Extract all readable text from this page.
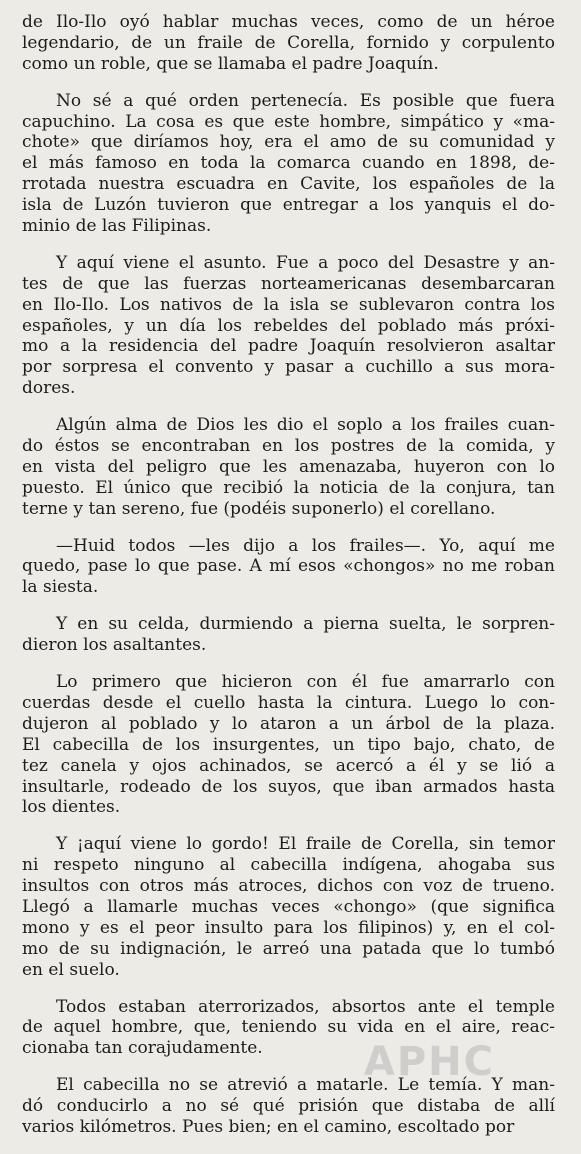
de Ilo-Ilo oyó hablar muchas veces, como de un héroe
legendario, de un fraile de Corella, fornido y corpulento
como un roble, que se llamaba el padre Joaquín.
No sé a qué orden pertenecía. Es posible que fuera
capuchino. La cosa es que este hombre, simpático y «ma-
chote» que diríamos hoy, era el amo de su comunidad y
el más famoso en toda la comarca cuando en 1898, de-
rrotada nuestra escuadra en Cavite, los españoles de la
isla de Luzón tuvieron que entregar a los yanquis el do-
minio de las Filipinas.
Y aquí viene el asunto. Fue a poco del Desastre y an-
tes de que las fuerzas norteamericanas desembarcaran
en Ilo-Ilo. Los nativos de la isla se sublevaron contra los
españoles, y un día los rebeldes del poblado más próxi-
mo a la residencia del padre Joaquín resolvieron asaltar
por sorpresa el convento y pasar a cuchillo a sus mora-
dores.
Algún alma de Dios les dio el soplo a los frailes cuan-
do éstos se encontraban en los postres de la comida, y
en vista del peligro que les amenazaba, huyeron con lo
puesto. El único que recibió la noticia de la conjura, tan
terne y tan sereno, fue (podéis suponerlo) el corellano.
—Huid todos —les dijo a los frailes—. Yo, aquí me
quedo, pase lo que pase. A mí esos «chongos» no me roban
la siesta.
Y en su celda, durmiendo a pierna suelta, le sorpren-
dieron los asaltantes.
Lo primero que hicieron con él fue amarrarlo con
cuerdas desde el cuello hasta la cintura. Luego lo con-
dujeron al poblado y lo ataron a un árbol de la plaza.
El cabecilla de los insurgentes, un tipo bajo, chato, de
tez canela y ojos achinados, se acercó a él y se lió a
insultarle, rodeado de los suyos, que iban armados hasta
los dientes.
Y ¡aquí viene lo gordo! El fraile de Corella, sin temor
ni respeto ninguno al cabecilla indígena, ahogaba sus
insultos con otros más atroces, dichos con voz de trueno.
Llegó a llamarle muchas veces «chongo» (que significa
mono y es el peor insulto para los filipinos) y, en el col-
mo de su indignación, le arreó una patada que lo tumbó
en el suelo.
Todos estaban aterrorizados, absortos ante el temple
de aquel hombre, que, teniendo su vida en el aire, reac-
cionaba tan corajudamente.
El cabecilla no se atrevió a matarle. Le temía. Y man-
dó conducirlo a no sé qué prisión que distaba de allí
varios kilómetros. Pues bien; en el camino, escoltado por
APHC
